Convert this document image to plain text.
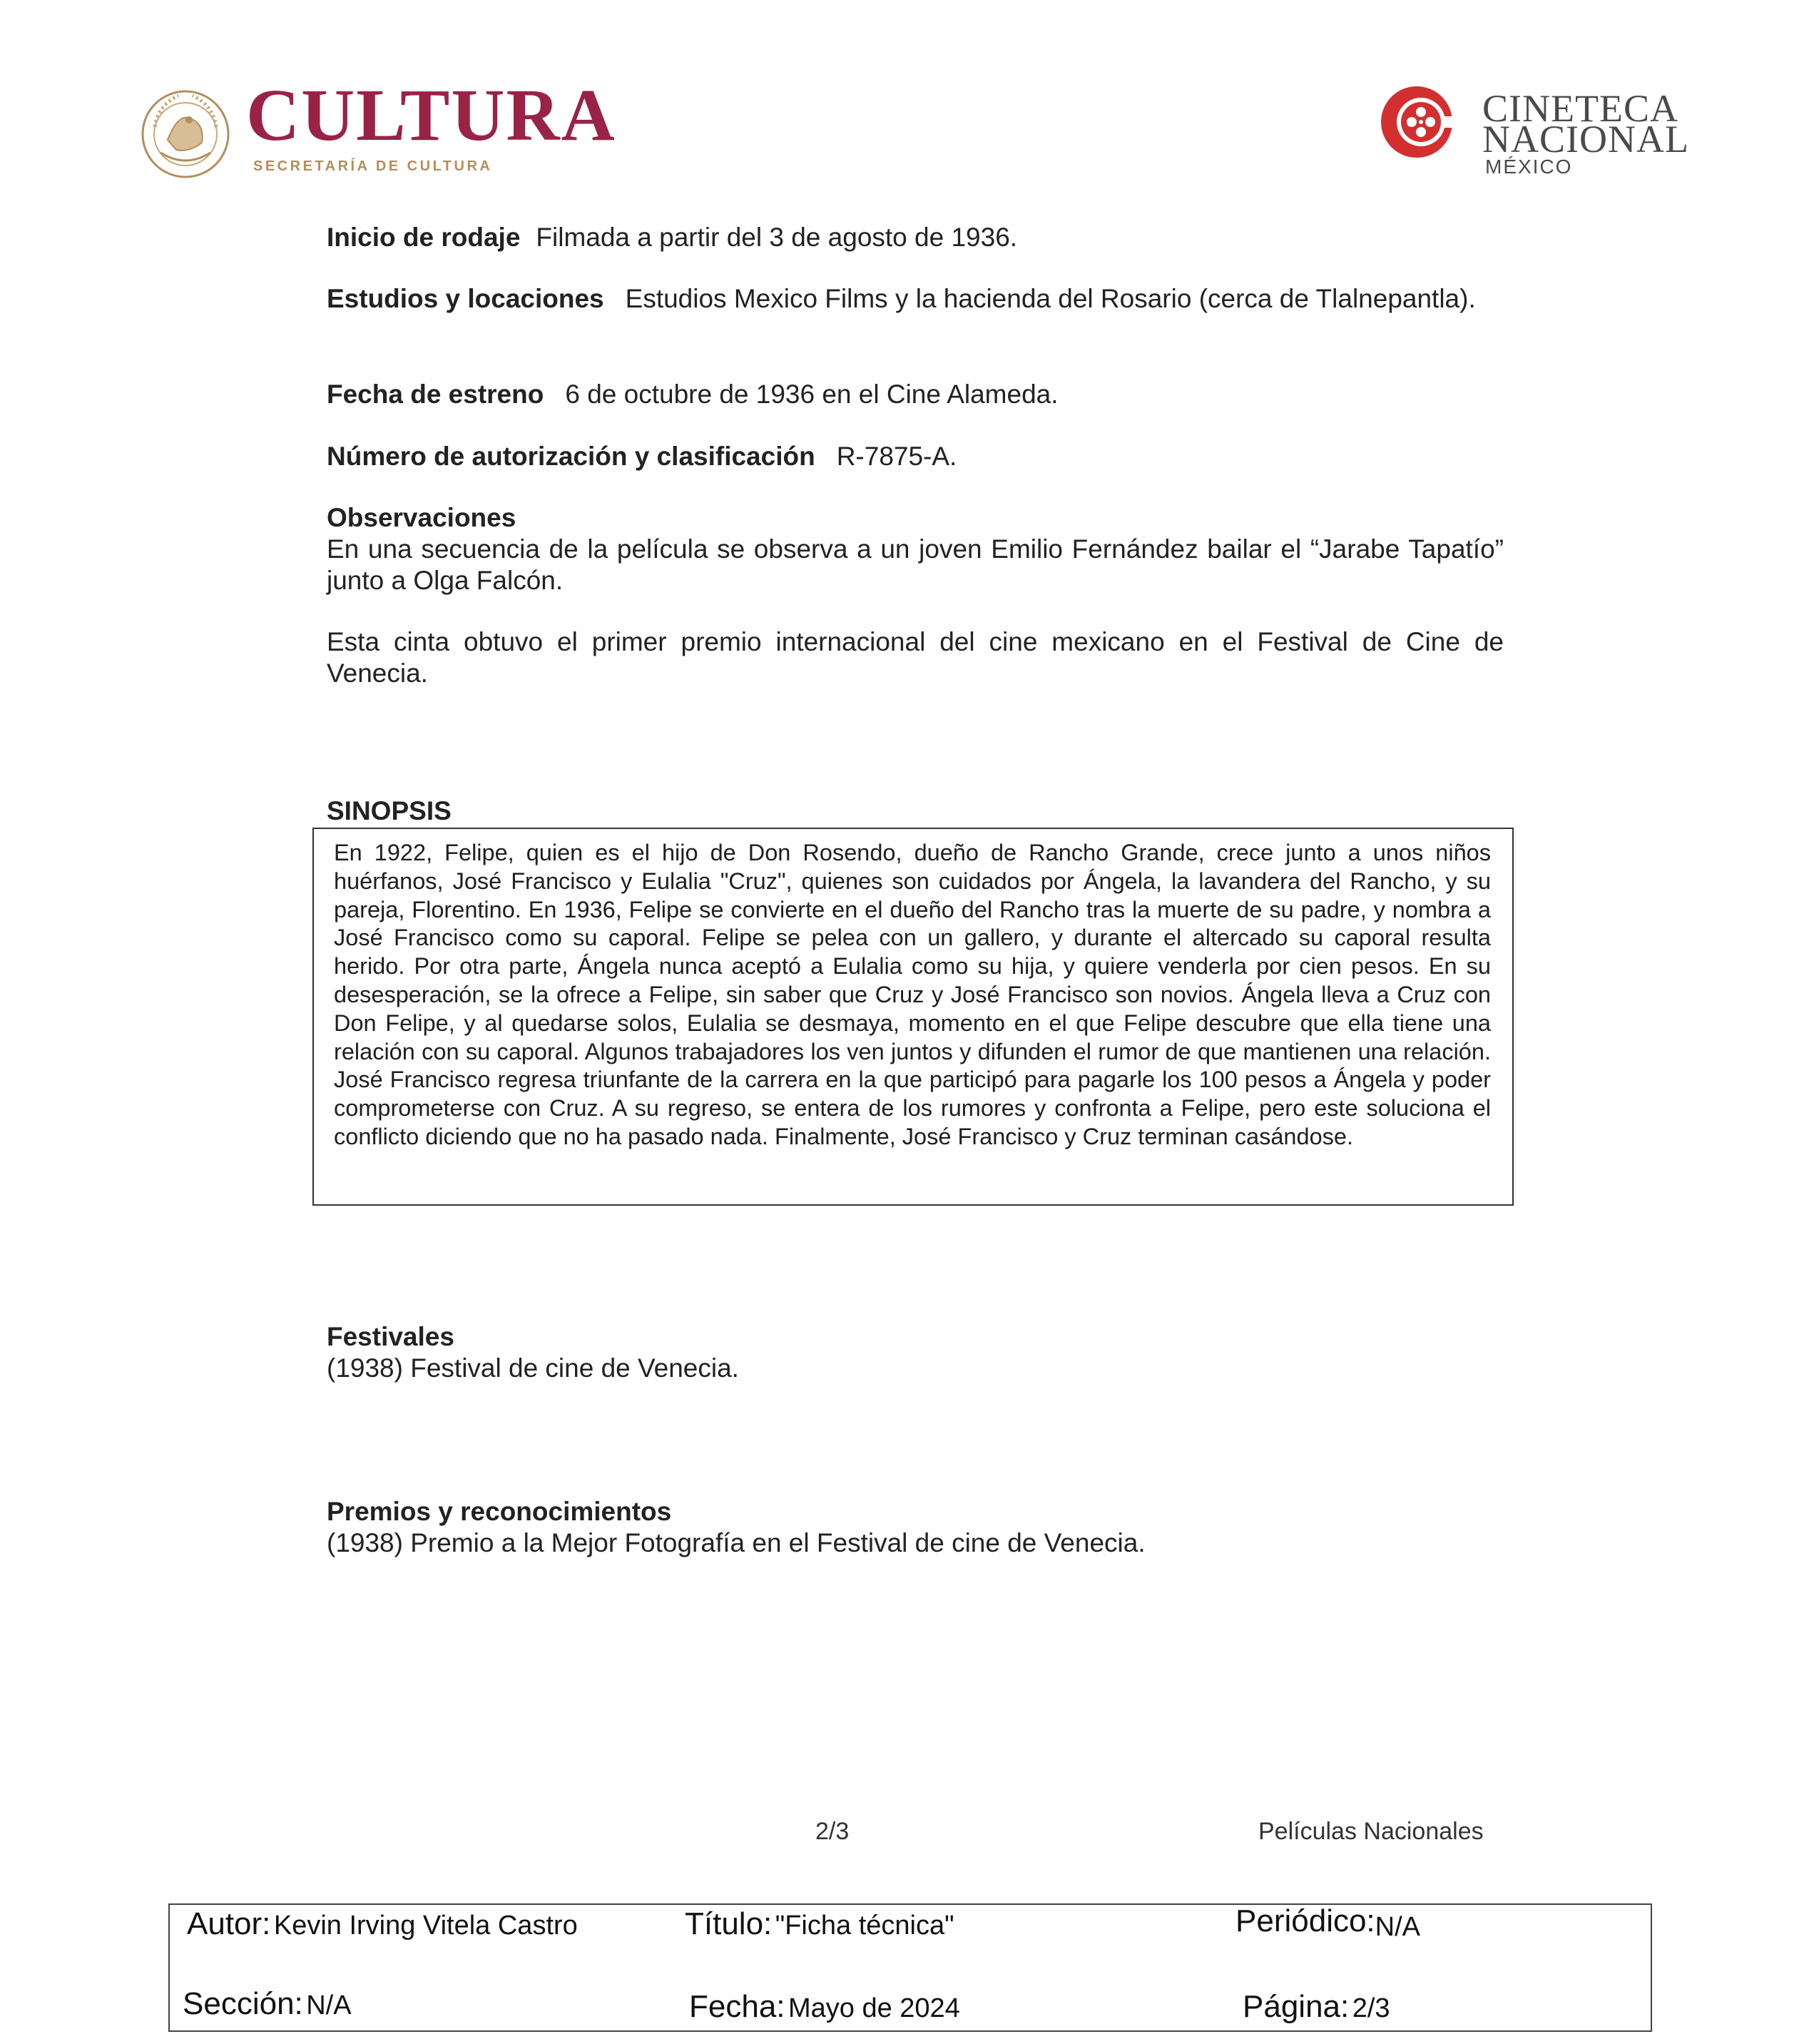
CULTURA
SECRETARÍA DE CULTURA
CINETECA
NACIONAL
MÉXICO
Inicio de rodaje Filmada a partir del 3 de agosto de 1936.
Estudios y locaciones Estudios Mexico Films y la hacienda del Rosario (cerca de Tlalnepantla).
Fecha de estreno 6 de octubre de 1936 en el Cine Alameda.
Número de autorización y clasificación R-7875-A.
Observaciones
En una secuencia de la película se observa a un joven Emilio Fernández bailar el “Jarabe Tapatío” junto a Olga Falcón.
Esta cinta obtuvo el primer premio internacional del cine mexicano en el Festival de Cine de Venecia.
SINOPSIS
En 1922, Felipe, quien es el hijo de Don Rosendo, dueño de Rancho Grande, crece junto a unos niños huérfanos, José Francisco y Eulalia "Cruz", quienes son cuidados por Ángela, la lavandera del Rancho, y su pareja, Florentino. En 1936, Felipe se convierte en el dueño del Rancho tras la muerte de su padre, y nombra a José Francisco como su caporal. Felipe se pelea con un gallero, y durante el altercado su caporal resulta herido. Por otra parte, Ángela nunca aceptó a Eulalia como su hija, y quiere venderla por cien pesos. En su desesperación, se la ofrece a Felipe, sin saber que Cruz y José Francisco son novios. Ángela lleva a Cruz con Don Felipe, y al quedarse solos, Eulalia se desmaya, momento en el que Felipe descubre que ella tiene una relación con su caporal. Algunos trabajadores los ven juntos y difunden el rumor de que mantienen una relación. José Francisco regresa triunfante de la carrera en la que participó para pagarle los 100 pesos a Ángela y poder comprometerse con Cruz. A su regreso, se entera de los rumores y confronta a Felipe, pero este soluciona el conflicto diciendo que no ha pasado nada. Finalmente, José Francisco y Cruz terminan casándose.
Festivales
(1938) Festival de cine de Venecia.
Premios y reconocimientos
(1938) Premio a la Mejor Fotografía en el Festival de cine de Venecia.
2/3	Películas Nacionales
Autor: Kevin Irving Vitela Castro	Título: "Ficha técnica"	Periódico:N/A
Sección: N/A	Fecha: Mayo de 2024	Página: 2/3
